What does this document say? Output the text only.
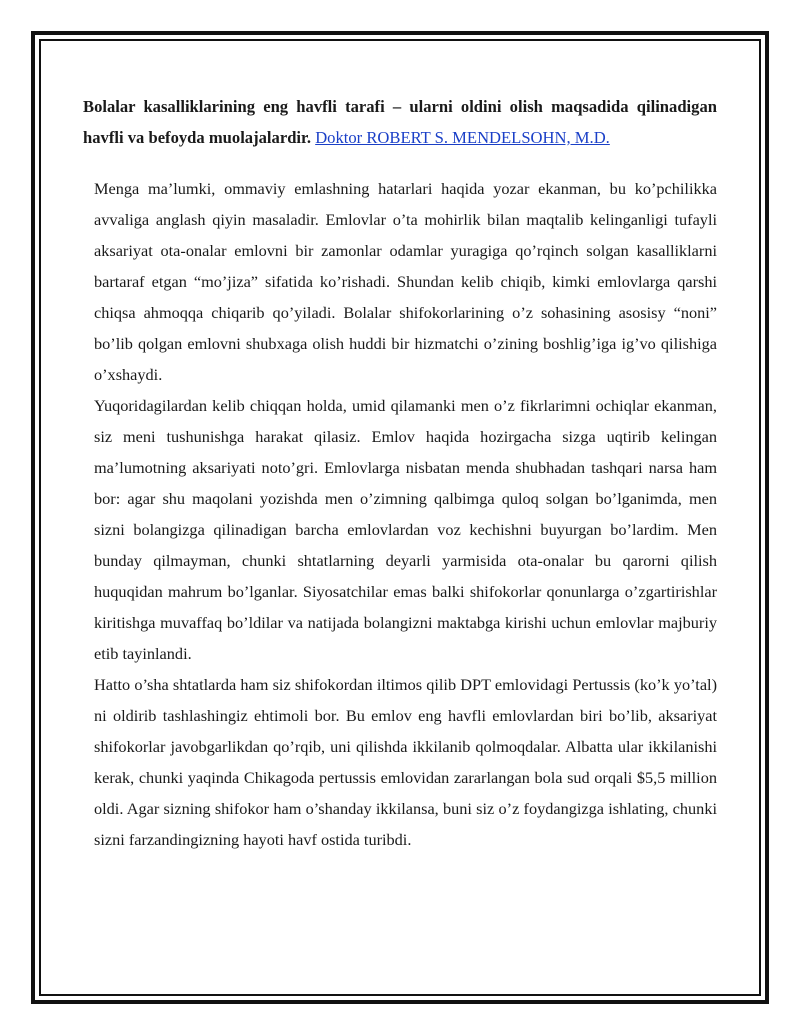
Bolalar kasalliklarining eng havfli tarafi – ularni oldini olish maqsadida qilinadigan havfli va befoyda muolajalardir. Doktor ROBERT S. MENDELSOHN, M.D.

Menga ma’lumki, ommaviy emlashning hatarlari haqida yozar ekanman, bu ko’pchilikka avvaliga anglash qiyin masaladir. Emlovlar o’ta mohirlik bilan maqtalib kelinganligi tufayli aksariyat ota-onalar emlovni bir zamonlar odamlar yuragiga qo’rqinch solgan kasalliklarni bartaraf etgan “mo’jiza” sifatida ko’rishadi. Shundan kelib chiqib, kimki emlovlarga qarshi chiqsa ahmoqqa chiqarib qo’yiladi. Bolalar shifokorlarining o’z sohasining asosisy “noni” bo’lib qolgan emlovni shubxaga olish huddi bir hizmatchi o’zining boshlig’iga ig’vo qilishiga o’xshaydi.

Yuqoridagilardan kelib chiqqan holda, umid qilamanki men o’z fikrlarimni ochiqlar ekanman, siz meni tushunishga harakat qilasiz. Emlov haqida hozirgacha sizga uqtirib kelingan ma’lumotning aksariyati noto’gri. Emlovlarga nisbatan menda shubhadan tashqari narsa ham bor: agar shu maqolani yozishda men o’zimning qalbimga quloq solgan bo’lganimda, men sizni bolangizga qilinadigan barcha emlovlardan voz kechishni buyurgan bo’lardim. Men bunday qilmayman, chunki shtatlarning deyarli yarmisida ota-onalar bu qarorni qilish huquqidan mahrum bo’lganlar. Siyosatchilar emas balki shifokorlar qonunlarga o’zgartirishlar kiritishga muvaffaq bo’ldilar va natijada bolangizni maktabga kirishi uchun emlovlar majburiy etib tayinlandi.

Hatto o’sha shtatlarda ham siz shifokordan iltimos qilib DPT emlovidagi Pertussis (ko’k yo’tal) ni oldirib tashlashingiz ehtimoli bor. Bu emlov eng havfli emlovlardan biri bo’lib, aksariyat shifokorlar javobgarlikdan qo’rqib, uni qilishda ikkilanib qolmoqdalar. Albatta ular ikkilanishi kerak, chunki yaqinda Chikagoda pertussis emlovidan zararlangan bola sud orqali $5,5 million oldi. Agar sizning shifokor ham o’shanday ikkilansa, buni siz o’z foydangizga ishlating, chunki sizni farzandingizning hayoti havf ostida turibdi.
